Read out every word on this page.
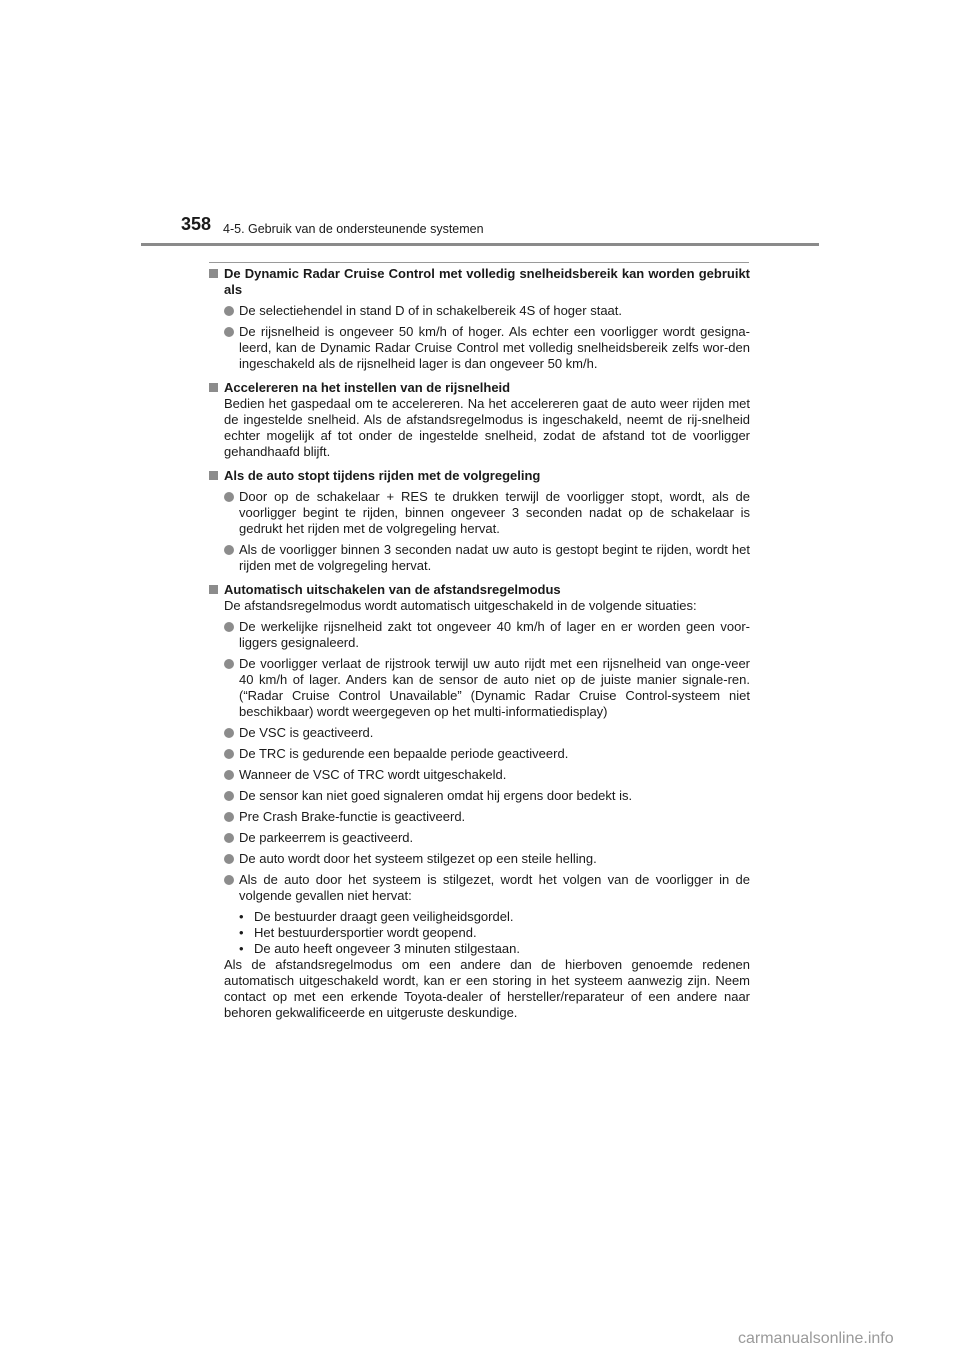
358 4-5. Gebruik van de ondersteunende systemen
De Dynamic Radar Cruise Control met volledig snelheidsbereik kan worden gebruikt als
De selectiehendel in stand D of in schakelbereik 4S of hoger staat.
De rijsnelheid is ongeveer 50 km/h of hoger. Als echter een voorligger wordt gesigna-leerd, kan de Dynamic Radar Cruise Control met volledig snelheidsbereik zelfs wor-den ingeschakeld als de rijsnelheid lager is dan ongeveer 50 km/h.
Accelereren na het instellen van de rijsnelheid
Bedien het gaspedaal om te accelereren. Na het accelereren gaat de auto weer rijden met de ingestelde snelheid. Als de afstandsregelmodus is ingeschakeld, neemt de rij-snelheid echter mogelijk af tot onder de ingestelde snelheid, zodat de afstand tot de voorligger gehandhaafd blijft.
Als de auto stopt tijdens rijden met de volgregeling
Door op de schakelaar + RES te drukken terwijl de voorligger stopt, wordt, als de voorligger begint te rijden, binnen ongeveer 3 seconden nadat op de schakelaar is gedrukt het rijden met de volgregeling hervat.
Als de voorligger binnen 3 seconden nadat uw auto is gestopt begint te rijden, wordt het rijden met de volgregeling hervat.
Automatisch uitschakelen van de afstandsregelmodus
De afstandsregelmodus wordt automatisch uitgeschakeld in de volgende situaties:
De werkelijke rijsnelheid zakt tot ongeveer 40 km/h of lager en er worden geen voor-liggers gesignaleerd.
De voorligger verlaat de rijstrook terwijl uw auto rijdt met een rijsnelheid van onge-veer 40 km/h of lager. Anders kan de sensor de auto niet op de juiste manier signale-ren. (“Radar Cruise Control Unavailable” (Dynamic Radar Cruise Control-systeem niet beschikbaar) wordt weergegeven op het multi-informatiedisplay)
De VSC is geactiveerd.
De TRC is gedurende een bepaalde periode geactiveerd.
Wanneer de VSC of TRC wordt uitgeschakeld.
De sensor kan niet goed signaleren omdat hij ergens door bedekt is.
Pre Crash Brake-functie is geactiveerd.
De parkeerrem is geactiveerd.
De auto wordt door het systeem stilgezet op een steile helling.
Als de auto door het systeem is stilgezet, wordt het volgen van de voorligger in de volgende gevallen niet hervat:
• De bestuurder draagt geen veiligheidsgordel.
• Het bestuurdersportier wordt geopend.
• De auto heeft ongeveer 3 minuten stilgestaan.
Als de afstandsregelmodus om een andere dan de hierboven genoemde redenen automatisch uitgeschakeld wordt, kan er een storing in het systeem aanwezig zijn. Neem contact op met een erkende Toyota-dealer of hersteller/reparateur of een andere naar behoren gekwalificeerde en uitgeruste deskundige.
carmanualsonline.info
